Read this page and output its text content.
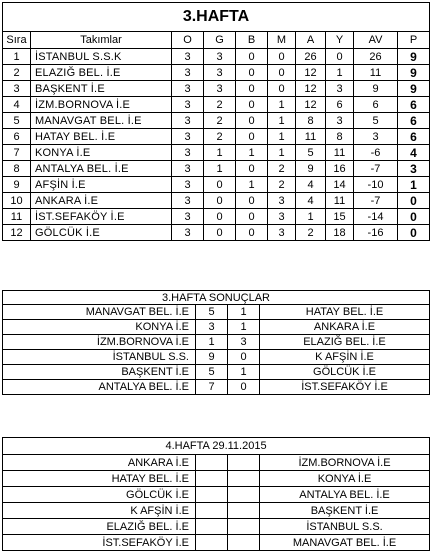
3.HAFTA									
Sıra	Takımlar	O	G	B	M	A	Y	AV	P
1	İSTANBUL S.S.K	3	3	0	0	26	0	26	9
2	ELAZIĞ BEL. İ.E	3	3	0	0	12	1	11	9
3	BAŞKENT İ.E	3	3	0	0	12	3	9	9
4	İZM.BORNOVA İ.E	3	2	0	1	12	6	6	6
5	MANAVGAT BEL. İ.E	3	2	0	1	8	3	5	6
6	HATAY BEL. İ.E	3	2	0	1	11	8	3	6
7	KONYA İ.E	3	1	1	1	5	11	-6	4
8	ANTALYA BEL. İ.E	3	1	0	2	9	16	-7	3
9	AFŞİN İ.E	3	0	1	2	4	14	-10	1
10	ANKARA İ.E	3	0	0	3	4	11	-7	0
11	İST.SEFAKÖY İ.E	3	0	0	3	1	15	-14	0
12	GÖLCÜK İ.E	3	0	0	3	2	18	-16	0
3.HAFTA SONUÇLAR			
MANAVGAT BEL. İ.E	5	1	HATAY BEL. İ.E
KONYA İ.E	3	1	ANKARA İ.E
İZM.BORNOVA İ.E	1	3	ELAZIĞ BEL. İ.E
İSTANBUL S.S.	9	0	K AFŞİN İ.E
BAŞKENT İ.E	5	1	GÖLCÜK İ.E
ANTALYA BEL. İ.E	7	0	İST.SEFAKÖY İ.E
4.HAFTA 29.11.2015			
ANKARA İ.E			İZM.BORNOVA İ.E
HATAY BEL. İ.E			KONYA İ.E
GÖLCÜK İ.E			ANTALYA BEL. İ.E
K AFŞİN İ.E			BAŞKENT İ.E
ELAZIĞ BEL. İ.E			İSTANBUL S.S.
İST.SEFAKÖY İ.E			MANAVGAT BEL. İ.E
